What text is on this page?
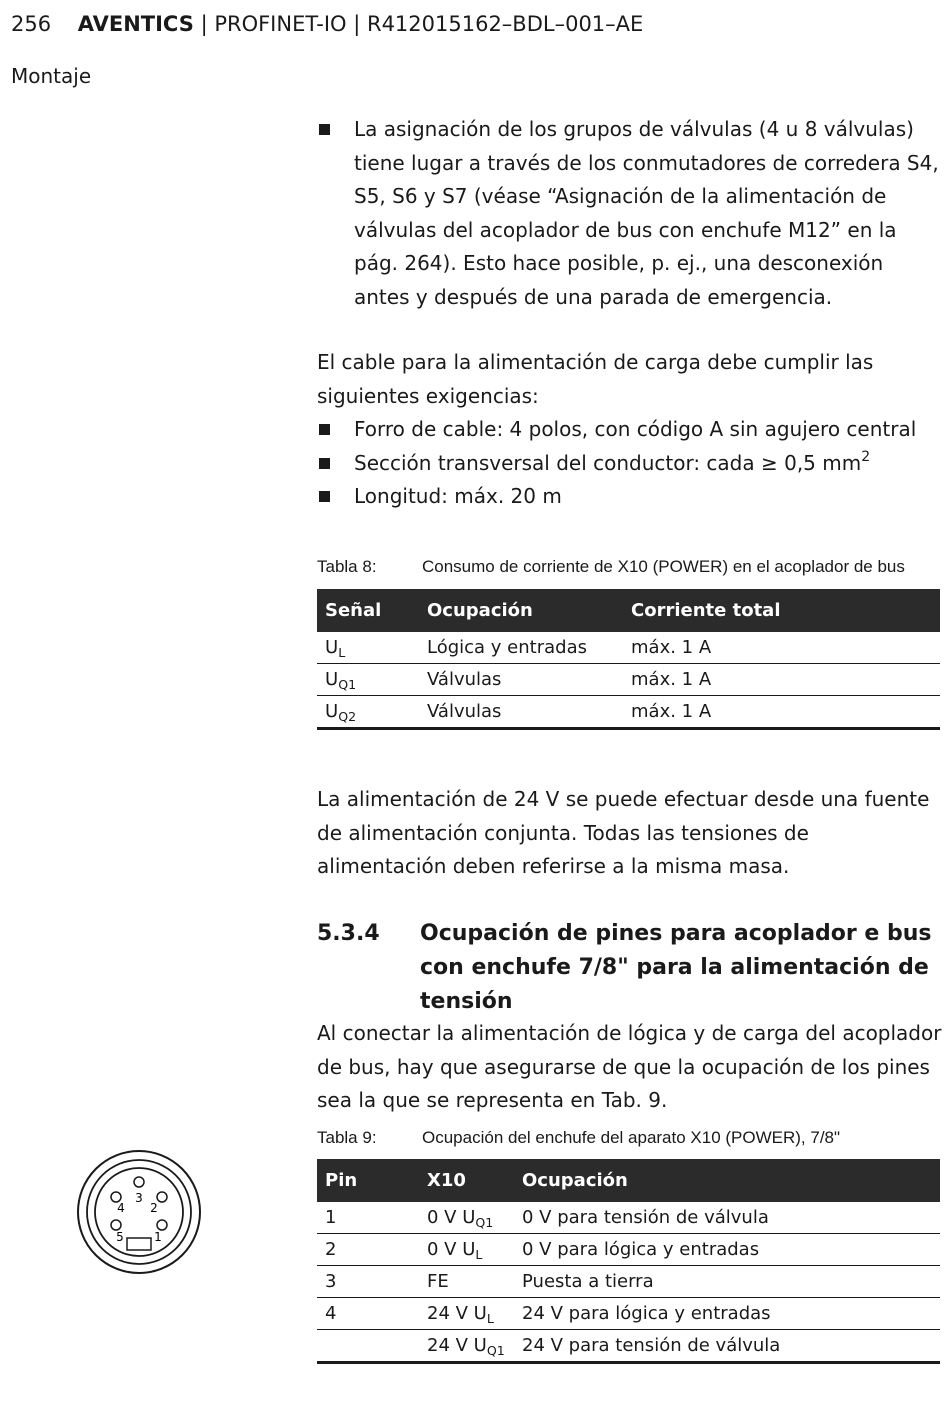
256 AVENTICS | PROFINET-IO | R412015162–BDL–001–AE
Montaje
La asignación de los grupos de válvulas (4 u 8 válvulas) tiene lugar a través de los conmutadores de corredera S4, S5, S6 y S7 (véase “Asignación de la alimentación de válvulas del acoplador de bus con enchufe M12” en la pág. 264). Esto hace posible, p. ej., una desconexión antes y después de una parada de emergencia.

El cable para la alimentación de carga debe cumplir las siguientes exigencias:

Forro de cable: 4 polos, con código A sin agujero central
Sección transversal del conductor: cada ≥ 0,5 $mm^2$
Longitud: máx. 20 m
Tabla 8:	Consumo de corriente de X10 (POWER) en el acoplador de bus
Señal	Ocupación	Corriente total
$U_L$	Lógica y entradas	máx. 1 A
$U_{Q1}$	Válvulas	máx. 1 A
$U_{Q2}$	Válvulas	máx. 1 A

La alimentación de 24 V se puede efectuar desde una fuente de alimentación conjunta. Todas las tensiones de alimentación deben referirse a la misma masa.

5.3.4	Ocupación de pines para acoplador e bus con enchufe 7/8" para la alimentación de tensión

Al conectar la alimentación de lógica y de carga del acoplador de bus, hay que asegurarse de que la ocupación de los pines sea la que se representa en Tab. 9.

Tabla 9:	Ocupación del enchufe del aparato X10 (POWER), 7/8"
Pin	X10	Ocupación
1	0 V $U_{Q1}$	0 V para tensión de válvula
2	0 V $U_L$	0 V para lógica y entradas
3	FE	Puesta a tierra
4	24 V $U_L$	24 V para lógica y entradas
	24 V $U_{Q1}$	24 V para tensión de válvula
3
2
4
1
5
